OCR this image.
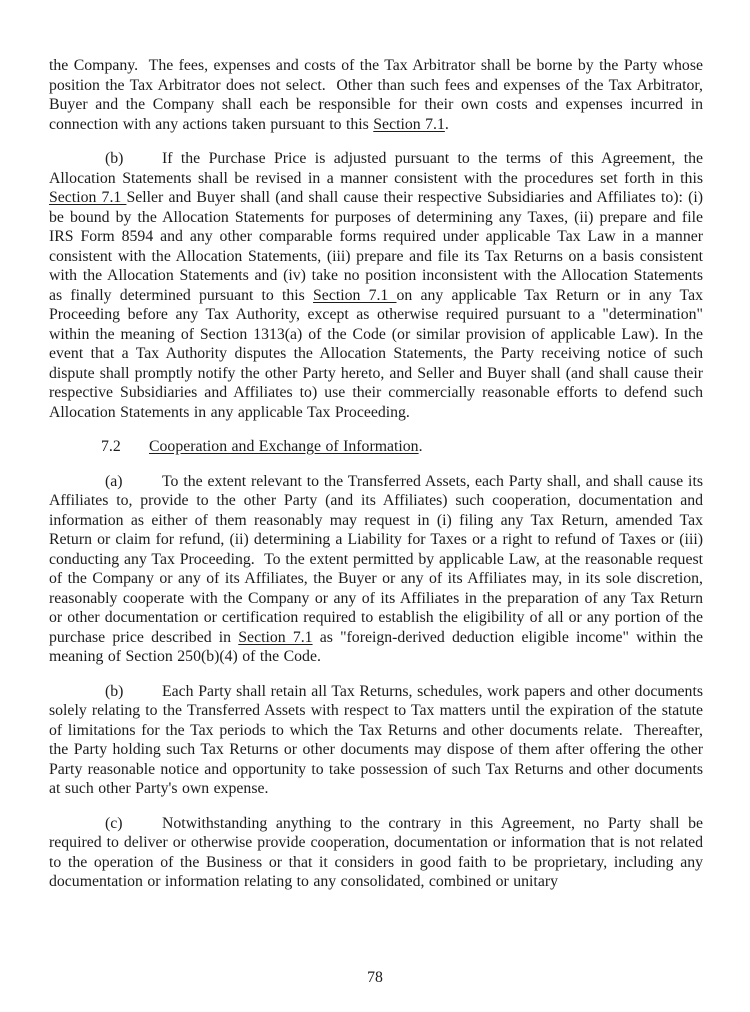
the Company.  The fees, expenses and costs of the Tax Arbitrator shall be borne by the Party whose position the Tax Arbitrator does not select.  Other than such fees and expenses of the Tax Arbitrator, Buyer and the Company shall each be responsible for their own costs and expenses incurred in connection with any actions taken pursuant to this Section 7.1.

(b) If the Purchase Price is adjusted pursuant to the terms of this Agreement, the Allocation Statements shall be revised in a manner consistent with the procedures set forth in this Section 7.1 Seller and Buyer shall (and shall cause their respective Subsidiaries and Affiliates to): (i) be bound by the Allocation Statements for purposes of determining any Taxes, (ii) prepare and file IRS Form 8594 and any other comparable forms required under applicable Tax Law in a manner consistent with the Allocation Statements, (iii) prepare and file its Tax Returns on a basis consistent with the Allocation Statements and (iv) take no position inconsistent with the Allocation Statements as finally determined pursuant to this Section 7.1 on any applicable Tax Return or in any Tax Proceeding before any Tax Authority, except as otherwise required pursuant to a "determination" within the meaning of Section 1313(a) of the Code (or similar provision of applicable Law). In the event that a Tax Authority disputes the Allocation Statements, the Party receiving notice of such dispute shall promptly notify the other Party hereto, and Seller and Buyer shall (and shall cause their respective Subsidiaries and Affiliates to) use their commercially reasonable efforts to defend such Allocation Statements in any applicable Tax Proceeding.

7.2 Cooperation and Exchange of Information.

(a) To the extent relevant to the Transferred Assets, each Party shall, and shall cause its Affiliates to, provide to the other Party (and its Affiliates) such cooperation, documentation and information as either of them reasonably may request in (i) filing any Tax Return, amended Tax Return or claim for refund, (ii) determining a Liability for Taxes or a right to refund of Taxes or (iii) conducting any Tax Proceeding.  To the extent permitted by applicable Law, at the reasonable request of the Company or any of its Affiliates, the Buyer or any of its Affiliates may, in its sole discretion, reasonably cooperate with the Company or any of its Affiliates in the preparation of any Tax Return or other documentation or certification required to establish the eligibility of all or any portion of the purchase price described in Section 7.1 as "foreign-derived deduction eligible income" within the meaning of Section 250(b)(4) of the Code.

(b) Each Party shall retain all Tax Returns, schedules, work papers and other documents solely relating to the Transferred Assets with respect to Tax matters until the expiration of the statute of limitations for the Tax periods to which the Tax Returns and other documents relate.  Thereafter, the Party holding such Tax Returns or other documents may dispose of them after offering the other Party reasonable notice and opportunity to take possession of such Tax Returns and other documents at such other Party's own expense.

(c) Notwithstanding anything to the contrary in this Agreement, no Party shall be required to deliver or otherwise provide cooperation, documentation or information that is not related to the operation of the Business or that it considers in good faith to be proprietary, including any documentation or information relating to any consolidated, combined or unitary

78
